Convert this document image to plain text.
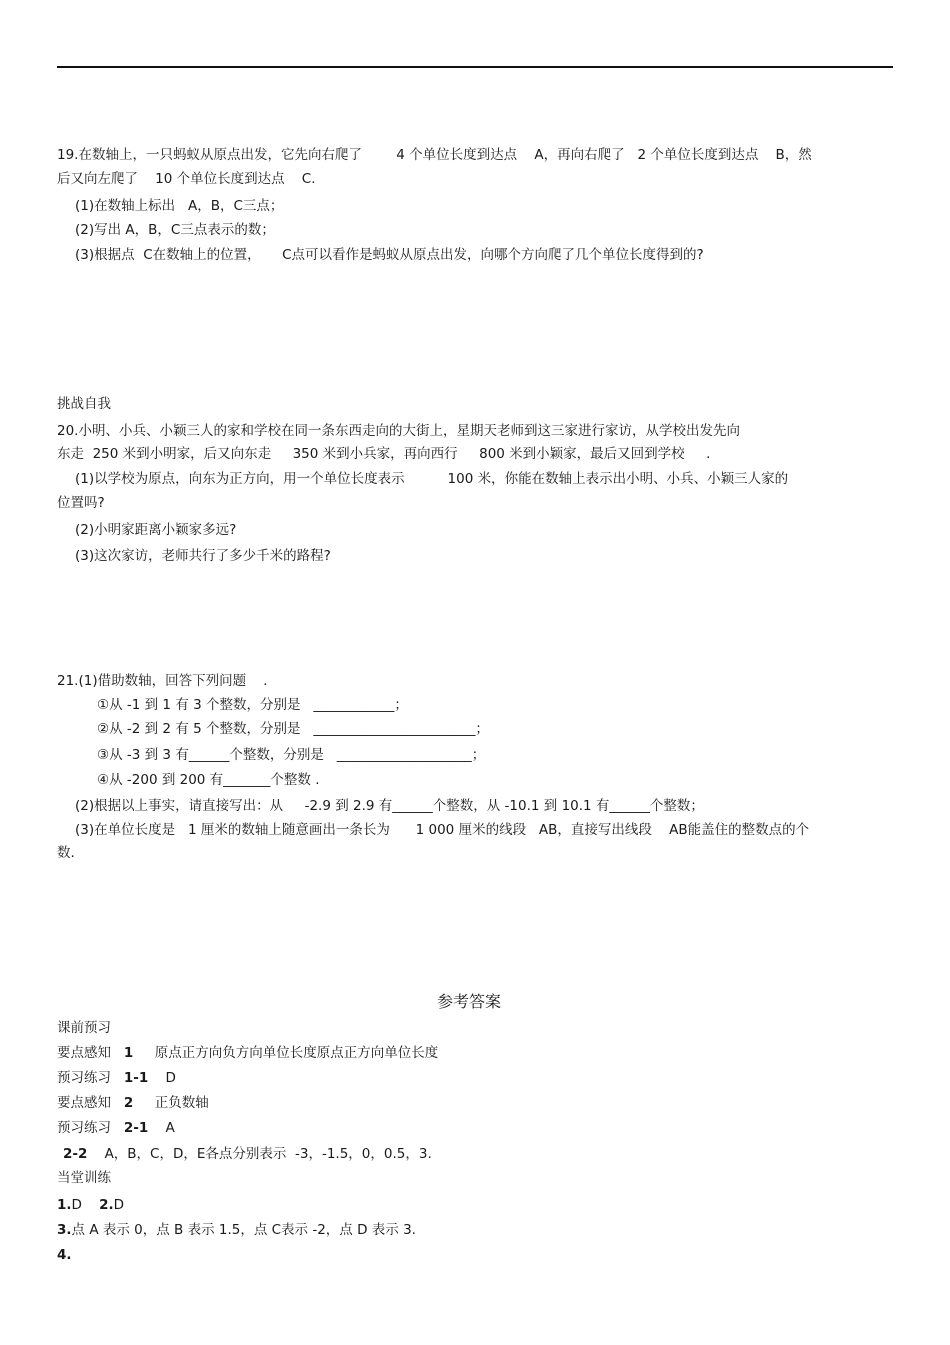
19.在数轴上，一只蚂蚁从原点出发，它先向右爬了        4 个单位长度到达点    A，再向右爬了   2 个单位长度到达点    B，然
后又向左爬了    10 个单位长度到达点    C.
(1)在数轴上标出   A，B，C三点；
(2)写出 A，B，C三点表示的数；
(3)根据点  C在数轴上的位置，     C点可以看作是蚂蚁从原点出发，向哪个方向爬了几个单位长度得到的?
挑战自我
20.小明、小兵、小颖三人的家和学校在同一条东西走向的大街上，星期天老师到这三家进行家访，从学校出发先向
东走  250 米到小明家，后又向东走     350 米到小兵家，再向西行     800 米到小颖家，最后又回到学校     .
(1)以学校为原点，向东为正方向，用一个单位长度表示          100 米，你能在数轴上表示出小明、小兵、小颖三人家的
位置吗?
(2)小明家距离小颖家多远?
(3)这次家访，老师共行了多少千米的路程?
21.(1)借助数轴，回答下列问题    .
①从 -1 到 1 有 3 个整数，分别是   ____________；
②从 -2 到 2 有 5 个整数，分别是   ________________________；
③从 -3 到 3 有______个整数，分别是   ____________________；
④从 -200 到 200 有_______个整数 .
(2)根据以上事实，请直接写出：从     -2.9 到 2.9 有______个整数，从 -10.1 到 10.1 有______个整数；
(3)在单位长度是   1 厘米的数轴上随意画出一条长为      1 000 厘米的线段   AB，直接写出线段    AB能盖住的整数点的个
数.
参考答案
课前预习
要点感知 1 原点正方向负方向单位长度原点正方向单位长度
预习练习 1-1 D
要点感知 2 正负数轴
预习练习 2-1 A
2-2 A，B，C，D，E各点分别表示  -3，-1.5，0，0.5，3.
当堂训练
1.D 2.D
3.点 A 表示 0，点 B 表示 1.5，点 C表示 -2，点 D 表示 3.
4.
